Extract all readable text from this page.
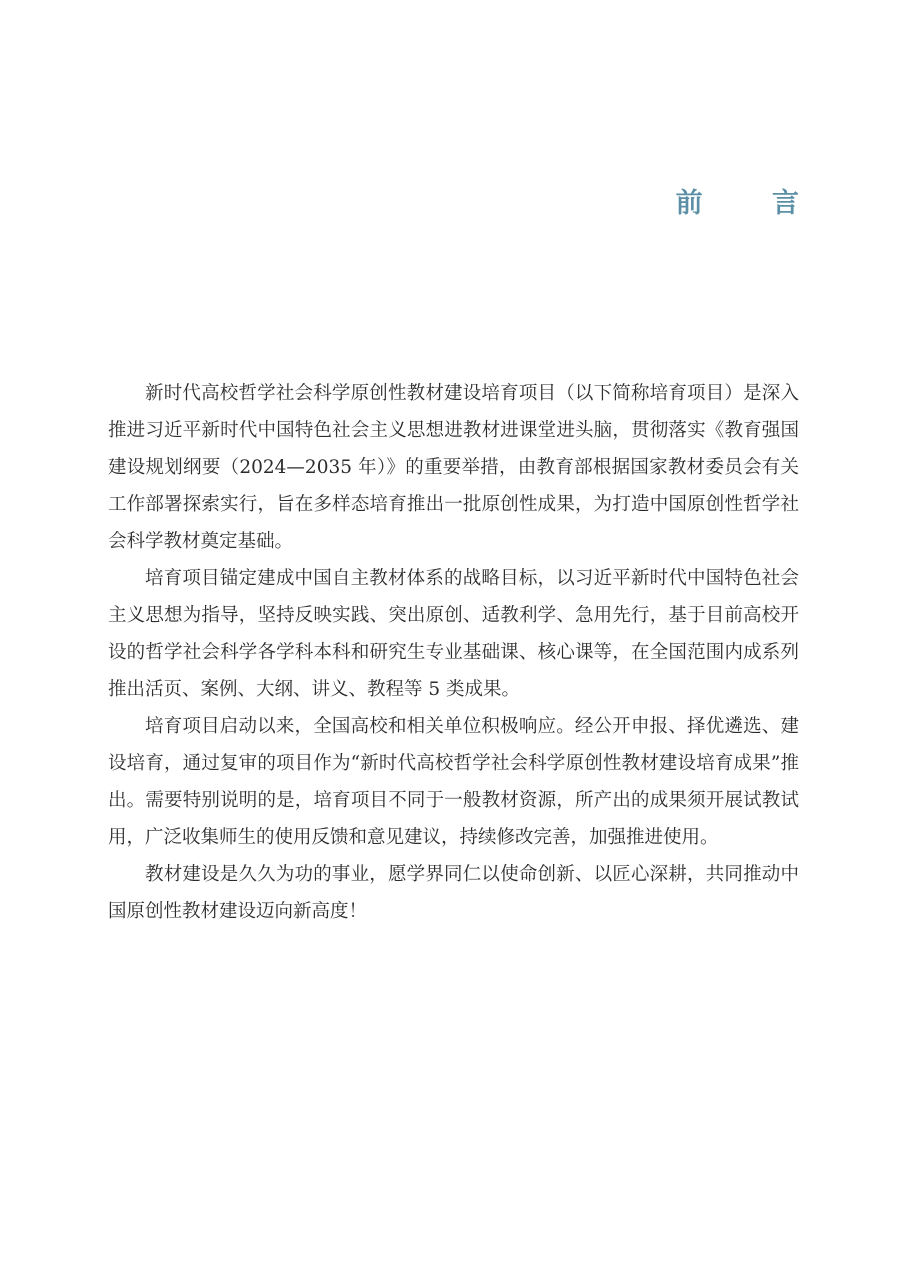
前 言

新时代高校哲学社会科学原创性教材建设培育项目（以下简称培育项目）是深入推进习近平新时代中国特色社会主义思想进教材进课堂进头脑，贯彻落实《教育强国建设规划纲要（2024—2035 年）》的重要举措，由教育部根据国家教材委员会有关工作部署探索实行，旨在多样态培育推出一批原创性成果，为打造中国原创性哲学社会科学教材奠定基础。

培育项目锚定建成中国自主教材体系的战略目标，以习近平新时代中国特色社会主义思想为指导，坚持反映实践、突出原创、适教利学、急用先行，基于目前高校开设的哲学社会科学各学科本科和研究生专业基础课、核心课等，在全国范围内成系列推出活页、案例、大纲、讲义、教程等 5 类成果。

培育项目启动以来，全国高校和相关单位积极响应。经公开申报、择优遴选、建设培育，通过复审的项目作为“新时代高校哲学社会科学原创性教材建设培育成果”推出。需要特别说明的是，培育项目不同于一般教材资源，所产出的成果须开展试教试用，广泛收集师生的使用反馈和意见建议，持续修改完善，加强推进使用。

教材建设是久久为功的事业，愿学界同仁以使命创新、以匠心深耕，共同推动中国原创性教材建设迈向新高度！
